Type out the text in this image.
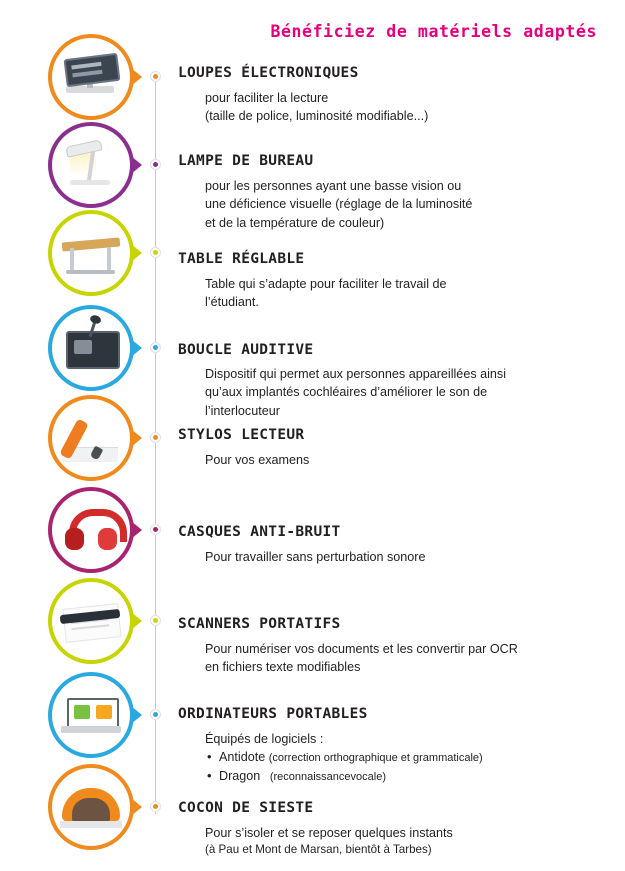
Bénéficiez de matériels adaptés
LOUPES ÉLECTRONIQUES
pour faciliter la lecture
(taille de police, luminosité modifiable...)
LAMPE DE BUREAU
pour les personnes ayant une basse vision ou
une déficience visuelle (réglage de la luminosité
et de la température de couleur)
TABLE RÉGLABLE
Table qui s’adapte pour faciliter le travail de
l’étudiant.
BOUCLE AUDITIVE
Dispositif qui permet aux personnes appareillées ainsi
qu’aux implantés cochléaires d’améliorer le son de
l’interlocuteur
STYLOS LECTEUR
Pour vos examens
CASQUES ANTI-BRUIT
Pour travailler sans perturbation sonore
SCANNERS PORTATIFS
Pour numériser vos documents et les convertir par OCR
en fichiers texte modifiables
ORDINATEURS PORTABLES
Équipés de logiciels :
• Antidote (correction orthographique et grammaticale)
• Dragon (reconnaissancevocale)
COCON DE SIESTE
Pour s’isoler et se reposer quelques instants
(à Pau et Mont de Marsan, bientôt à Tarbes)
